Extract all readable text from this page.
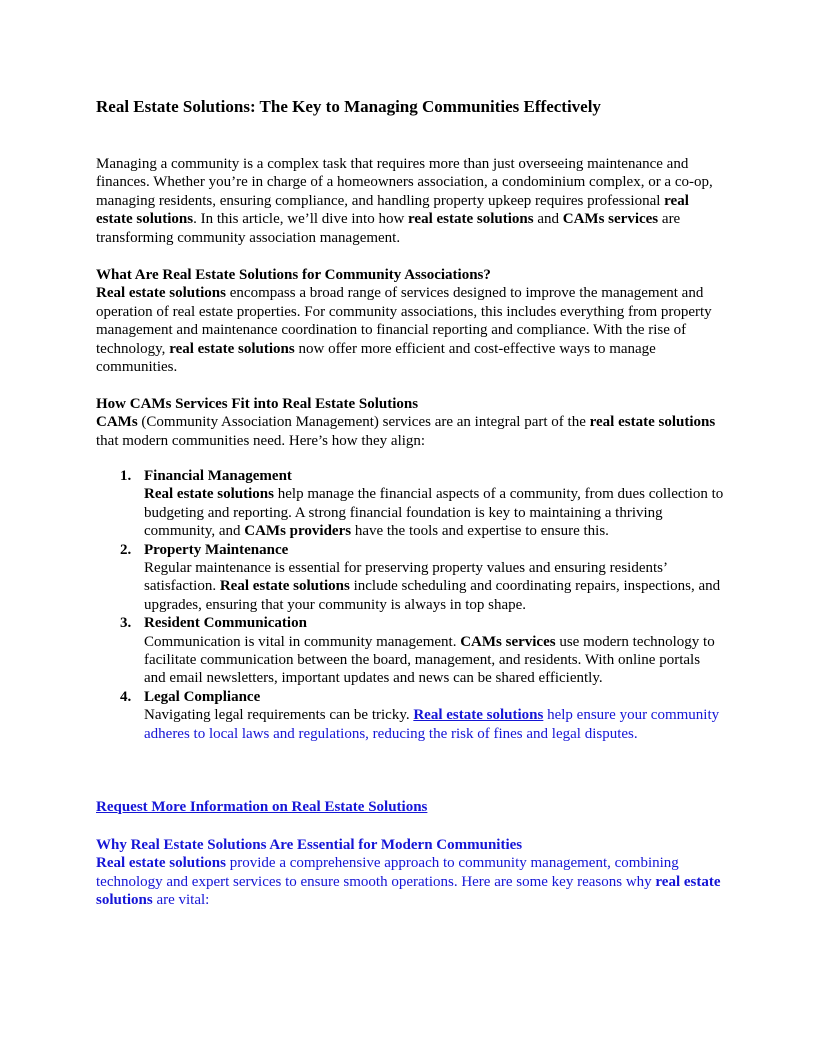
Real Estate Solutions: The Key to Managing Communities Effectively

Managing a community is a complex task that requires more than just overseeing maintenance and finances. Whether you’re in charge of a homeowners association, a condominium complex, or a co-op, managing residents, ensuring compliance, and handling property upkeep requires professional real estate solutions. In this article, we’ll dive into how real estate solutions and CAMs services are transforming community association management.

What Are Real Estate Solutions for Community Associations?
Real estate solutions encompass a broad range of services designed to improve the management and operation of real estate properties. For community associations, this includes everything from property management and maintenance coordination to financial reporting and compliance. With the rise of technology, real estate solutions now offer more efficient and cost-effective ways to manage communities.
How CAMs Services Fit into Real Estate Solutions
CAMs (Community Association Management) services are an integral part of the real estate solutions that modern communities need. Here’s how they align:
1. Financial Management
Real estate solutions help manage the financial aspects of a community, from dues collection to budgeting and reporting. A strong financial foundation is key to maintaining a thriving community, and CAMs providers have the tools and expertise to ensure this.
2. Property Maintenance
Regular maintenance is essential for preserving property values and ensuring residents’ satisfaction. Real estate solutions include scheduling and coordinating repairs, inspections, and upgrades, ensuring that your community is always in top shape.
3. Resident Communication
Communication is vital in community management. CAMs services use modern technology to facilitate communication between the board, management, and residents. With online portals and email newsletters, important updates and news can be shared efficiently.
4. Legal Compliance
Navigating legal requirements can be tricky. Real estate solutions help ensure your community adheres to local laws and regulations, reducing the risk of fines and legal disputes.
Request More Information on Real Estate Solutions
Why Real Estate Solutions Are Essential for Modern Communities
Real estate solutions provide a comprehensive approach to community management, combining technology and expert services to ensure smooth operations. Here are some key reasons why real estate solutions are vital:
